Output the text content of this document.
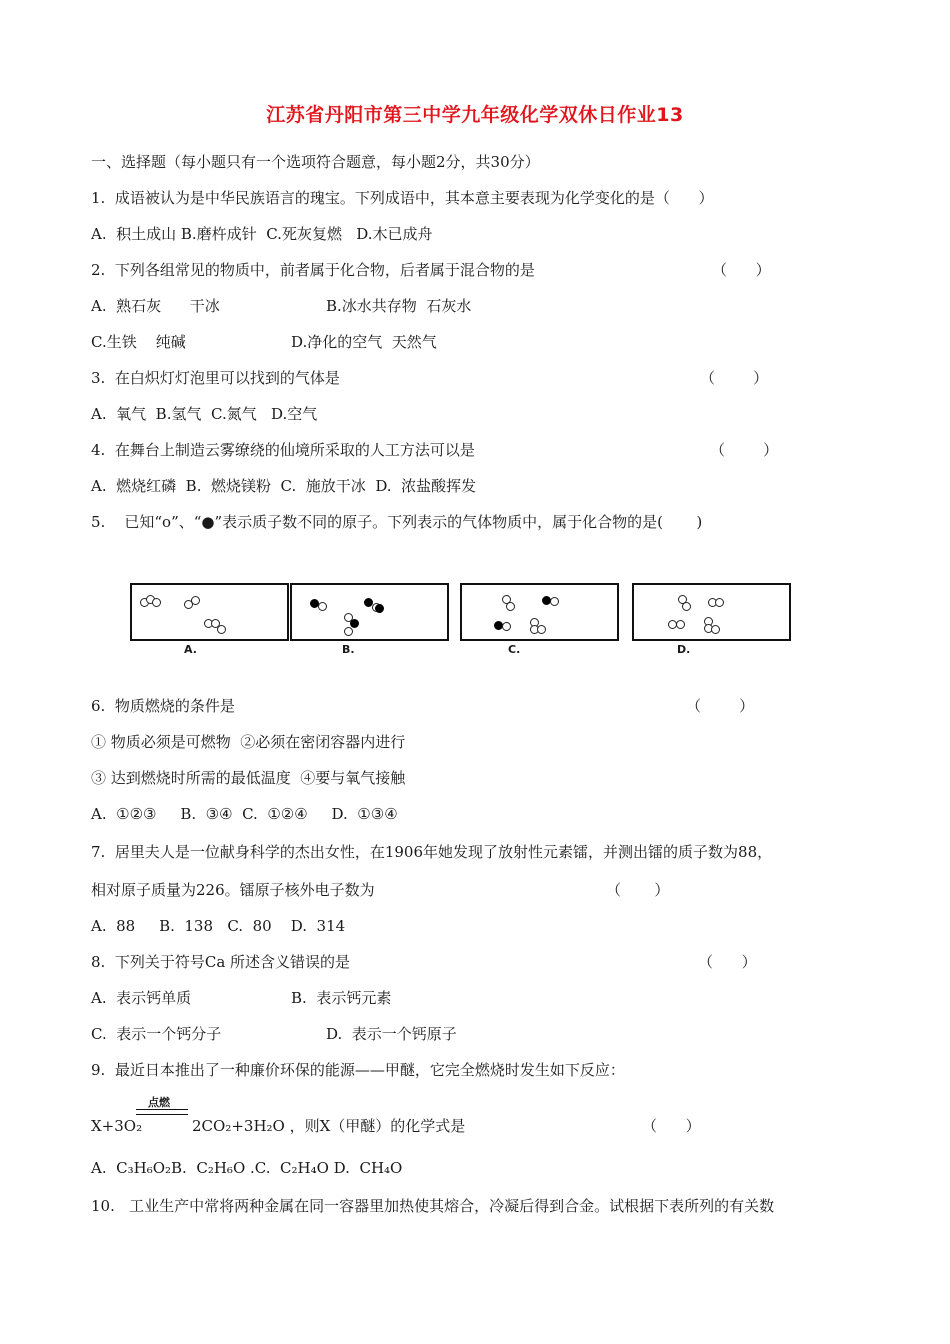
江苏省丹阳市第三中学九年级化学双休日作业13
一、选择题（每小题只有一个选项符合题意，每小题2分，共30分）
1.  成语被认为是中华民族语言的瑰宝。下列成语中，其本意主要表现为化学变化的是（      ）
A.  积土成山 B.磨杵成针  C.死灰复燃   D.木已成舟
2.  下列各组常见的物质中，前者属于化合物，后者属于混合物的是	（      ）
A.  熟石灰      干冰	B.冰水共存物  石灰水
C.生铁    纯碱	D.净化的空气  天然气
3.  在白炽灯灯泡里可以找到的气体是	（        ）
A.  氧气  B.氢气  C.氮气   D.空气
4.  在舞台上制造云雾缭绕的仙境所采取的人工方法可以是	（        ）
A.  燃烧红磷  B.  燃烧镁粉  C.  施放干冰  D.  浓盐酸挥发
5.    已知“o”、“●”表示质子数不同的原子。下列表示的气体物质中，属于化合物的是(       )
A.	B.	C.	D.
6.  物质燃烧的条件是	（        ）
① 物质必须是可燃物  ②必须在密闭容器内进行
③ 达到燃烧时所需的最低温度  ④要与氧气接触
A.  ①②③     B.  ③④  C.  ①②④     D.  ①③④
7.  居里夫人是一位献身科学的杰出女性，在1906年她发现了放射性元素镭，并测出镭的质子数为88，
相对原子质量为226。镭原子核外电子数为	（       ）
A.  88     B.  138   C.  80    D.  314
8.  下列关于符号Ca 所述含义错误的是	（      ）
A.  表示钙单质	B.  表示钙元素
C.  表示一个钙分子	D.  表示一个钙原子
9.  最近日本推出了一种廉价环保的能源——甲醚，它完全燃烧时发生如下反应：
点燃
X+3O₂	2CO₂+3H₂O ，则X（甲醚）的化学式是	（      ）
A.  C₃H₆O₂B.  C₂H₆O .C.  C₂H₄O D.  CH₄O
10.   工业生产中常将两种金属在同一容器里加热使其熔合，冷凝后得到合金。试根据下表所列的有关数
